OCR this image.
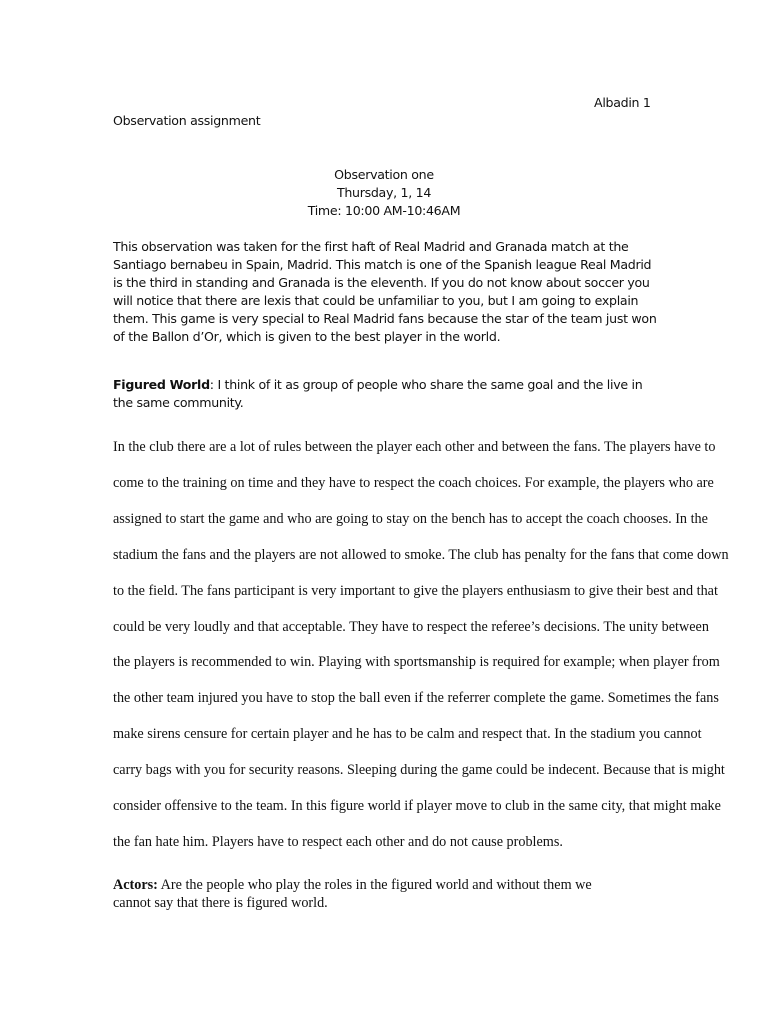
Albadin 1
Observation assignment
Observation one
Thursday, 1, 14
Time: 10:00 AM-10:46AM

This observation was taken for the first haft of Real Madrid and Granada match at the Santiago bernabeu in Spain, Madrid. This match is one of the Spanish league Real Madrid is the third in standing and Granada is the eleventh. If you do not know about soccer you will notice that there are lexis that could be unfamiliar to you, but I am going to explain them. This game is very special to Real Madrid fans because the star of the team just won of the Ballon d’Or, which is given to the best player in the world.

Figured World: I think of it as group of people who share the same goal and the live in the same community.

In the club there are a lot of rules between the player each other and between the fans. The players have to

come to the training on time and they have to respect the coach choices. For example, the players who are

assigned to start the game and who are going to stay on the bench has to accept the coach chooses. In the

stadium the fans and the players are not allowed to smoke. The club has penalty for the fans that come down

to the field. The fans participant is very important to give the players enthusiasm to give their best and that

could be very loudly and that acceptable. They have to respect the referee’s decisions. The unity between

the players is recommended to win. Playing with sportsmanship is required for example; when player from

the other team injured you have to stop the ball even if the referrer complete the game. Sometimes the fans

make sirens censure for certain player and he has to be calm and respect that. In the stadium you cannot

carry bags with you for security reasons. Sleeping during the game could be indecent. Because that is might

consider offensive to the team. In this figure world if player move to club in the same city, that might make

the fan hate him. Players have to respect each other and do not cause problems.

Actors: Are the people who play the roles in the figured world and without them we cannot say that there is figured world.
